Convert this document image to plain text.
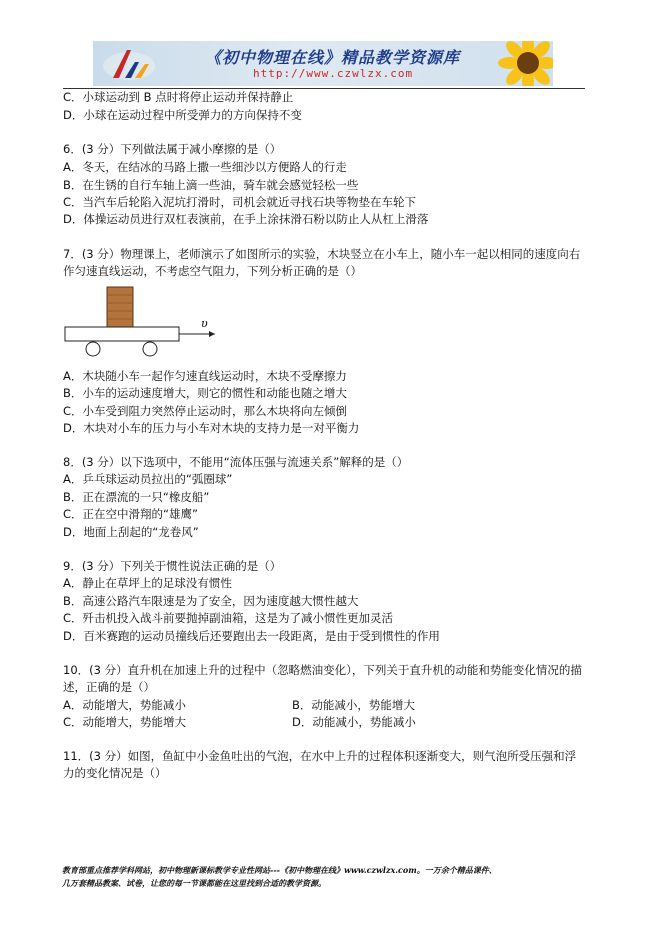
《初中物理在线》精品教学资源库
http://www.czwlzx.com
C．小球运动到 B 点时将停止运动并保持静止
D．小球在运动过程中所受弹力的方向保持不变
6．(3 分）下列做法属于减小摩擦的是（）
A．冬天，在结冰的马路上撒一些细沙以方便路人的行走
B．在生锈的自行车轴上滴一些油，骑车就会感觉轻松一些
C．当汽车后轮陷入泥坑打滑时，司机会就近寻找石块等物垫在车轮下
D．体操运动员进行双杠表演前，在手上涂抹滑石粉以防止人从杠上滑落
7．(3 分）物理课上，老师演示了如图所示的实验，木块竖立在小车上，随小车一起以相同的速度向右
作匀速直线运动，不考虑空气阻力，下列分析正确的是（）
υ
A．木块随小车一起作匀速直线运动时，木块不受摩擦力
B．小车的运动速度增大，则它的惯性和动能也随之增大
C．小车受到阻力突然停止运动时，那么木块将向左倾倒
D．木块对小车的压力与小车对木块的支持力是一对平衡力
8．(3 分）以下选项中，不能用“流体压强与流速关系”解释的是（）
A．乒乓球运动员拉出的“弧圈球”
B．正在漂流的一只“橡皮船”
C．正在空中滑翔的“雄鹰”
D．地面上刮起的“龙卷风”
9．(3 分）下列关于惯性说法正确的是（）
A．静止在草坪上的足球没有惯性
B．高速公路汽车限速是为了安全，因为速度越大惯性越大
C．歼击机投入战斗前要抛掉副油箱，这是为了减小惯性更加灵活
D．百米赛跑的运动员撞线后还要跑出去一段距离，是由于受到惯性的作用
10．(3 分）直升机在加速上升的过程中（忽略燃油变化），下列关于直升机的动能和势能变化情况的描
述，正确的是（）
A．动能增大，势能减小	B．动能减小，势能增大
C．动能增大，势能增大	D．动能减小，势能减小
11．(3 分）如图，鱼缸中小金鱼吐出的气泡，在水中上升的过程体积逐渐变大，则气泡所受压强和浮
力的变化情况是（）
教育部重点推荐学科网站，初中物理新课标教学专业性网站---《初中物理在线》www.czwlzx.com。一万余个精品课件、
几万套精品教案、试卷，让您的每一节课都能在这里找到合适的教学资源。
